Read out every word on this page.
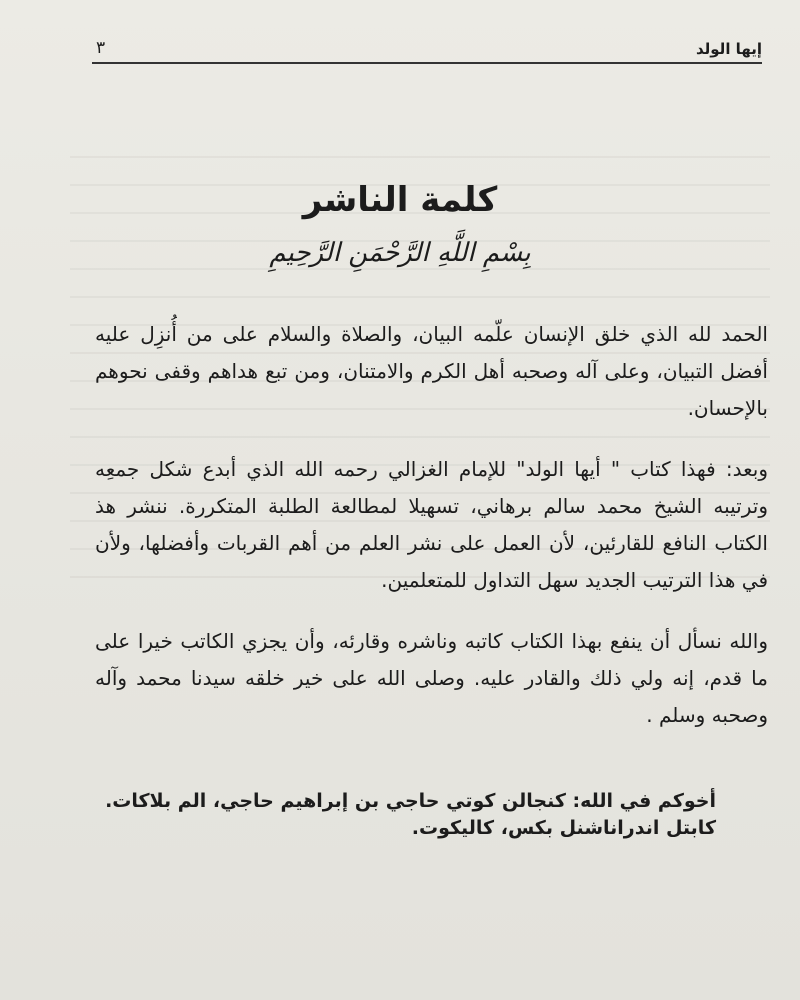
إيها الولد
٣
كلمة الناشر
بِسْمِ اللَّهِ الرَّحْمَنِ الرَّحِيمِ

الحمد لله الذي خلق الإنسان علّمه البيان، والصلاة والسلام على من أُنزِل عليه أفضل التبيان، وعلى آله وصحبه أهل الكرم والامتنان، ومن تبع هداهم وقفى نحوهم بالإحسان.

وبعد: فهذا كتاب " أيها الولد" للإمام الغزالي رحمه الله الذي أبدع شكل جمعِه وترتيبه الشيخ محمد سالم برهاني، تسهيلا لمطالعة الطلبة المتكررة. ننشر هذ الكتاب النافع للقارئين، لأن العمل على نشر العلم من أهم القربات وأفضلها، ولأن في هذا الترتيب الجديد سهل التداول للمتعلمين.

والله نسأل أن ينفع بهذا الكتاب كاتبه وناشره وقارئه، وأن يجزي الكاتب خيرا على ما قدم، إنه ولي ذلك والقادر عليه. وصلى الله على خير خلقه سيدنا محمد وآله وصحبه وسلم .

أخوكم في الله: كنجالن كوتي حاجي بن إبراهيم حاجي، الم بلاكات.
كابتل اندراناشنل بكس، كاليكوت.
